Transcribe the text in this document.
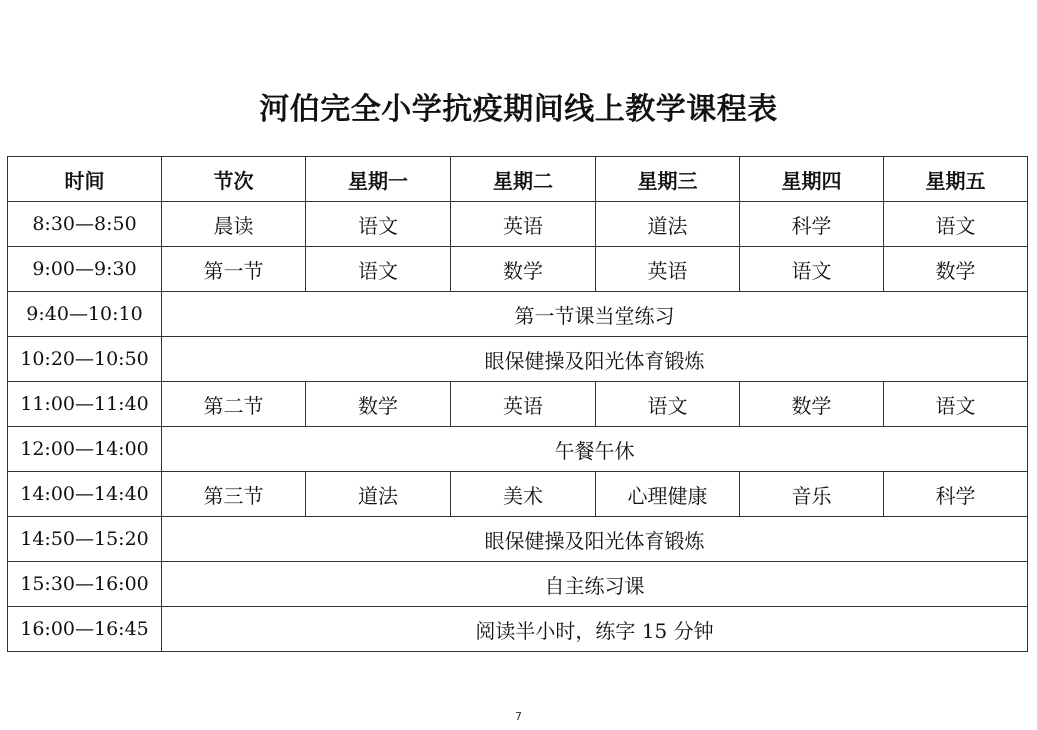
河伯完全小学抗疫期间线上教学课程表
时间	节次	星期一	星期二	星期三	星期四	星期五
8:30—8:50	晨读	语文	英语	道法	科学	语文
9:00—9:30	第一节	语文	数学	英语	语文	数学
9:40—10:10	第一节课当堂练习					
10:20—10:50	眼保健操及阳光体育锻炼					
11:00—11:40	第二节	数学	英语	语文	数学	语文
12:00—14:00	午餐午休					
14:00—14:40	第三节	道法	美术	心理健康	音乐	科学
14:50—15:20	眼保健操及阳光体育锻炼					
15:30—16:00	自主练习课					
16:00—16:45	阅读半小时，练字 15 分钟					
7
